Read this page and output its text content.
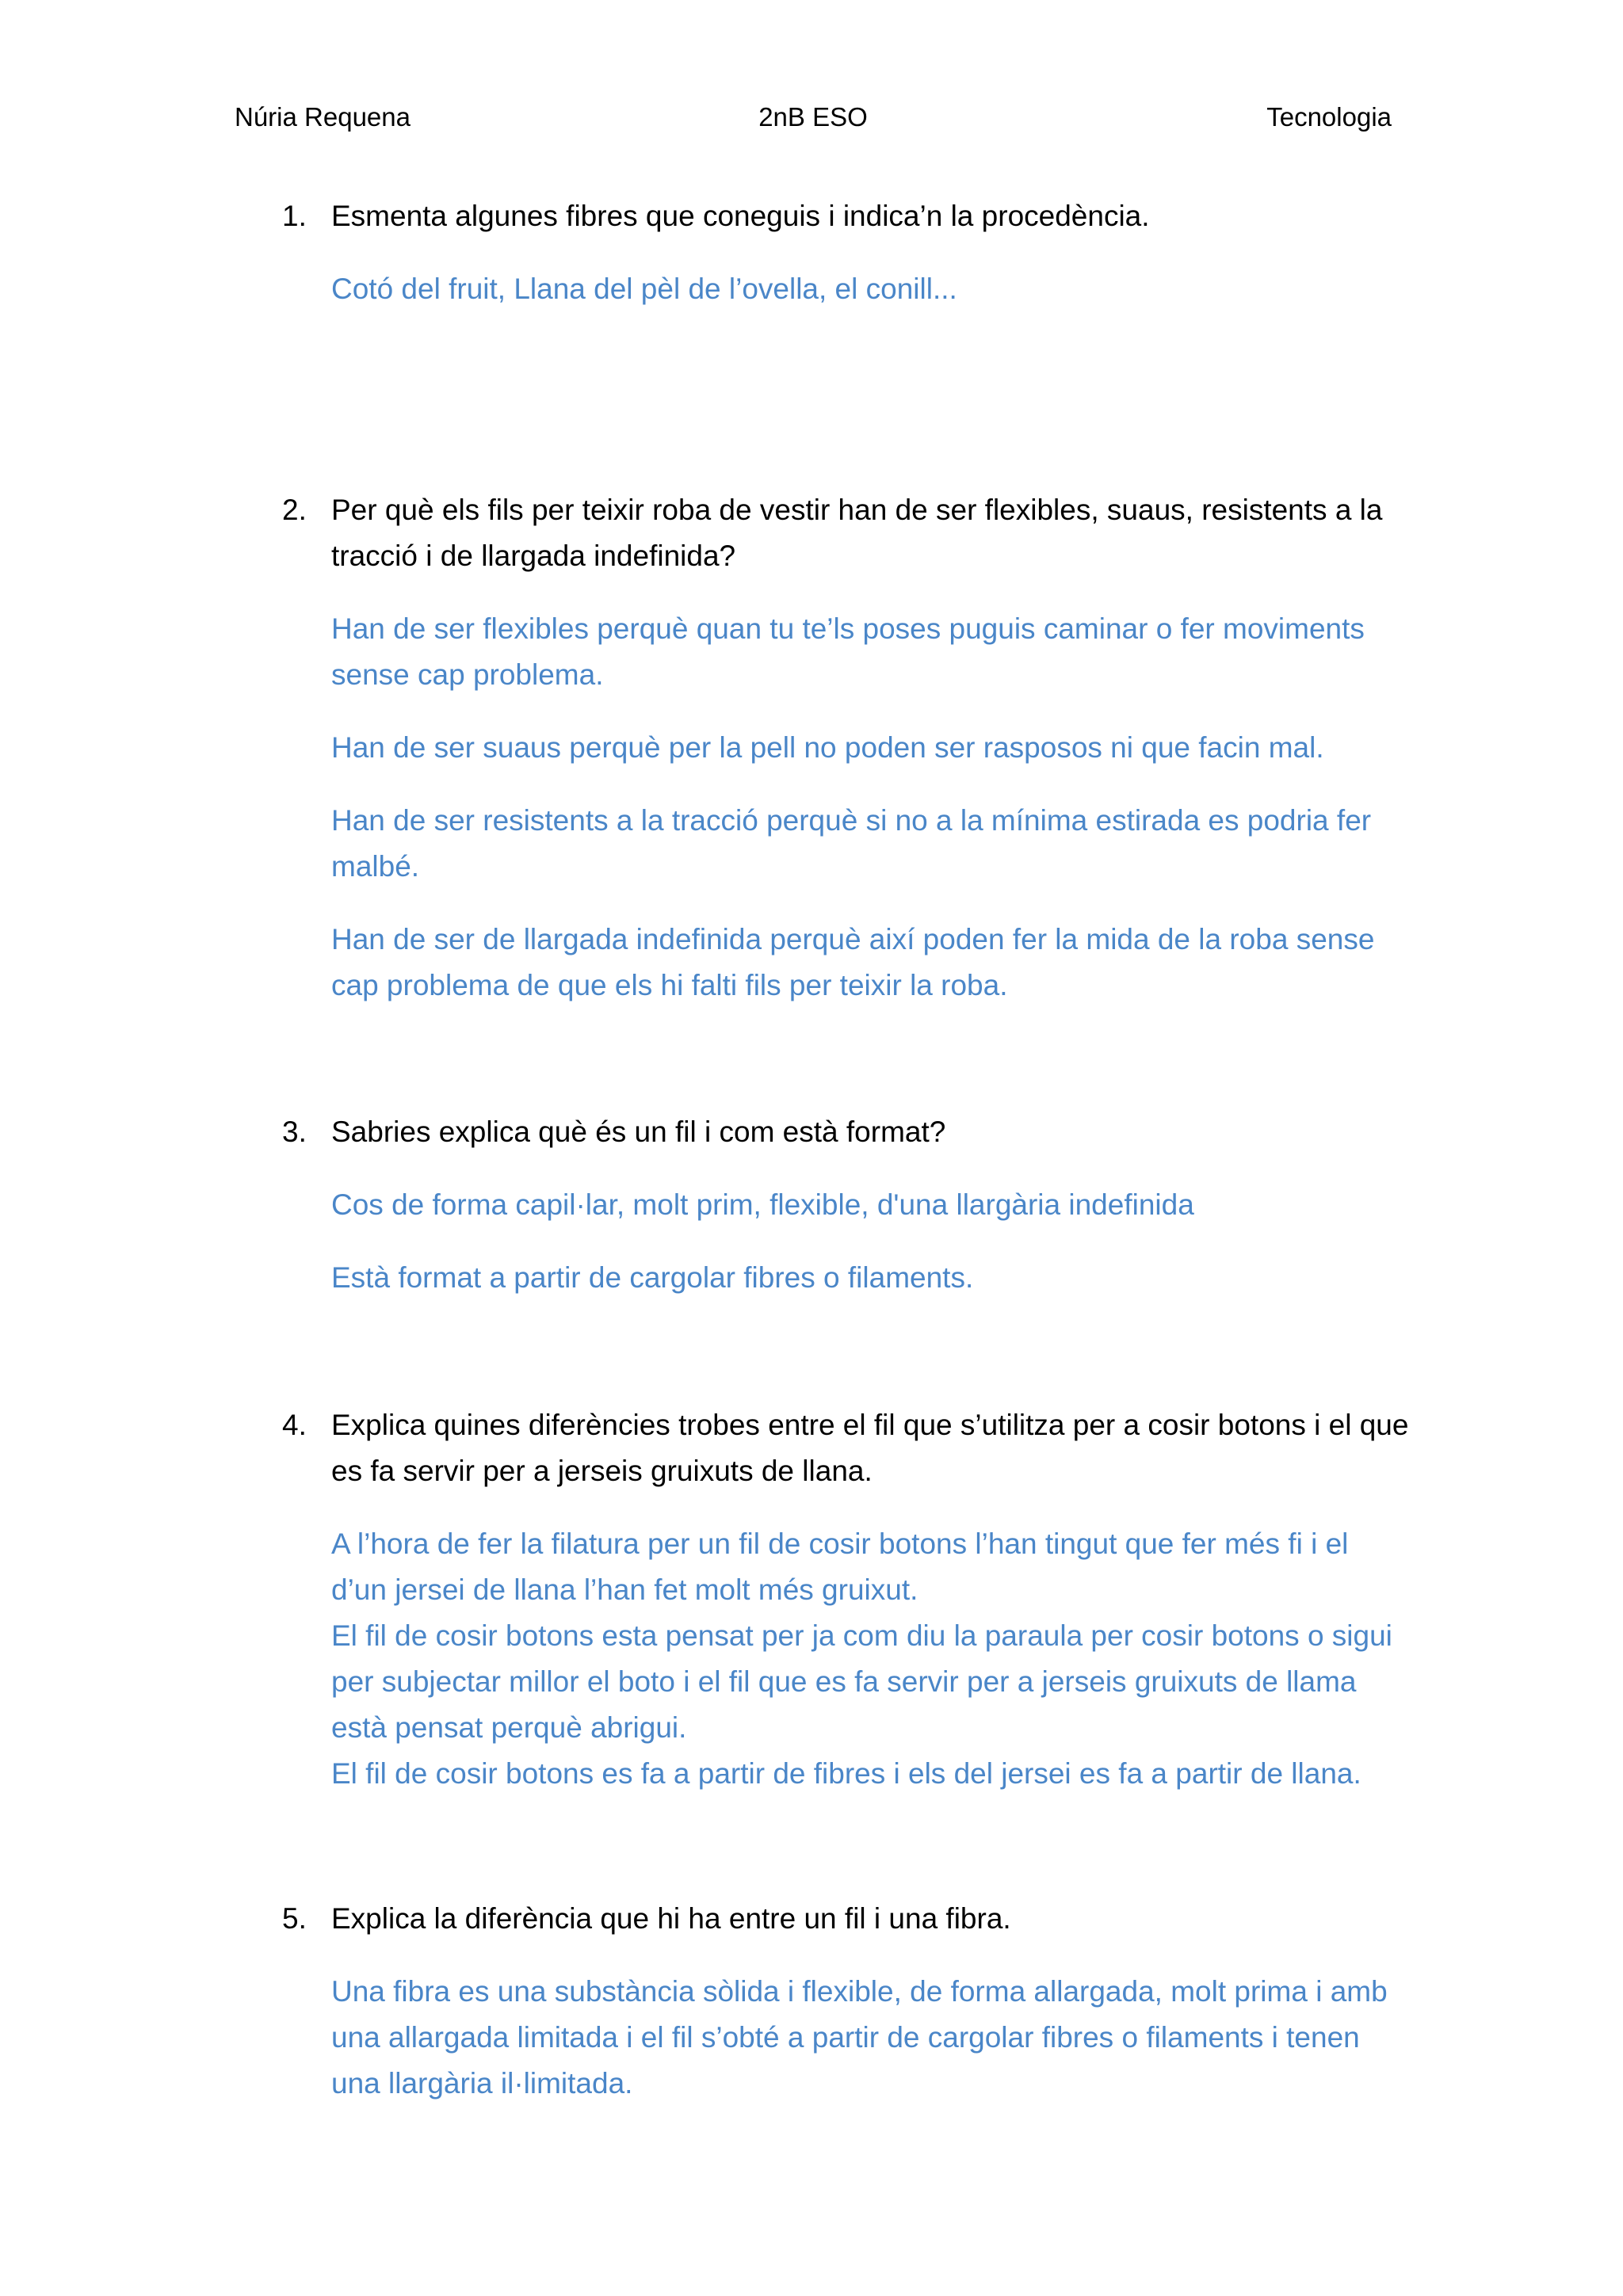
Núria Requena	2nB ESO	Tecnologia
1. Esmenta algunes fibres que coneguis i indica’n la procedència.

Cotó del fruit, Llana del pèl de l’ovella, el conill...

2. Per què els fils per teixir roba de vestir han de ser flexibles, suaus, resistents a la tracció i de llargada indefinida?

Han de ser flexibles perquè quan tu te’ls poses puguis caminar o fer moviments sense cap problema.

Han de ser suaus perquè per la pell no poden ser rasposos ni que facin mal.

Han de ser resistents a la tracció perquè si no a la mínima estirada es podria fer malbé.

Han de ser de llargada indefinida perquè així poden fer la mida de la roba sense cap problema de que els hi falti fils per teixir la roba.

3. Sabries explica què és un fil i com està format?

Cos de forma capil·lar, molt prim, flexible, d'una llargària indefinida

Està format a partir de cargolar fibres o filaments.

4. Explica quines diferències trobes entre el fil que s’utilitza per a cosir botons i el que es fa servir per a jerseis gruixuts de llana.

A l’hora de fer la filatura per un fil de cosir botons l’han tingut que fer més fi i el d’un jersei de llana l’han fet molt més gruixut.

El fil de cosir botons esta pensat per ja com diu la paraula per cosir botons o sigui per subjectar millor el boto i el fil que es fa servir per a jerseis gruixuts de llama està pensat perquè abrigui.

El fil de cosir botons es fa a partir de fibres i els del jersei es fa a partir de llana.

5. Explica la diferència que hi ha entre un fil i una fibra.

Una fibra es una substància sòlida i flexible, de forma allargada, molt prima i amb una allargada limitada i el fil s’obté a partir de cargolar fibres o filaments i tenen una llargària il·limitada.
